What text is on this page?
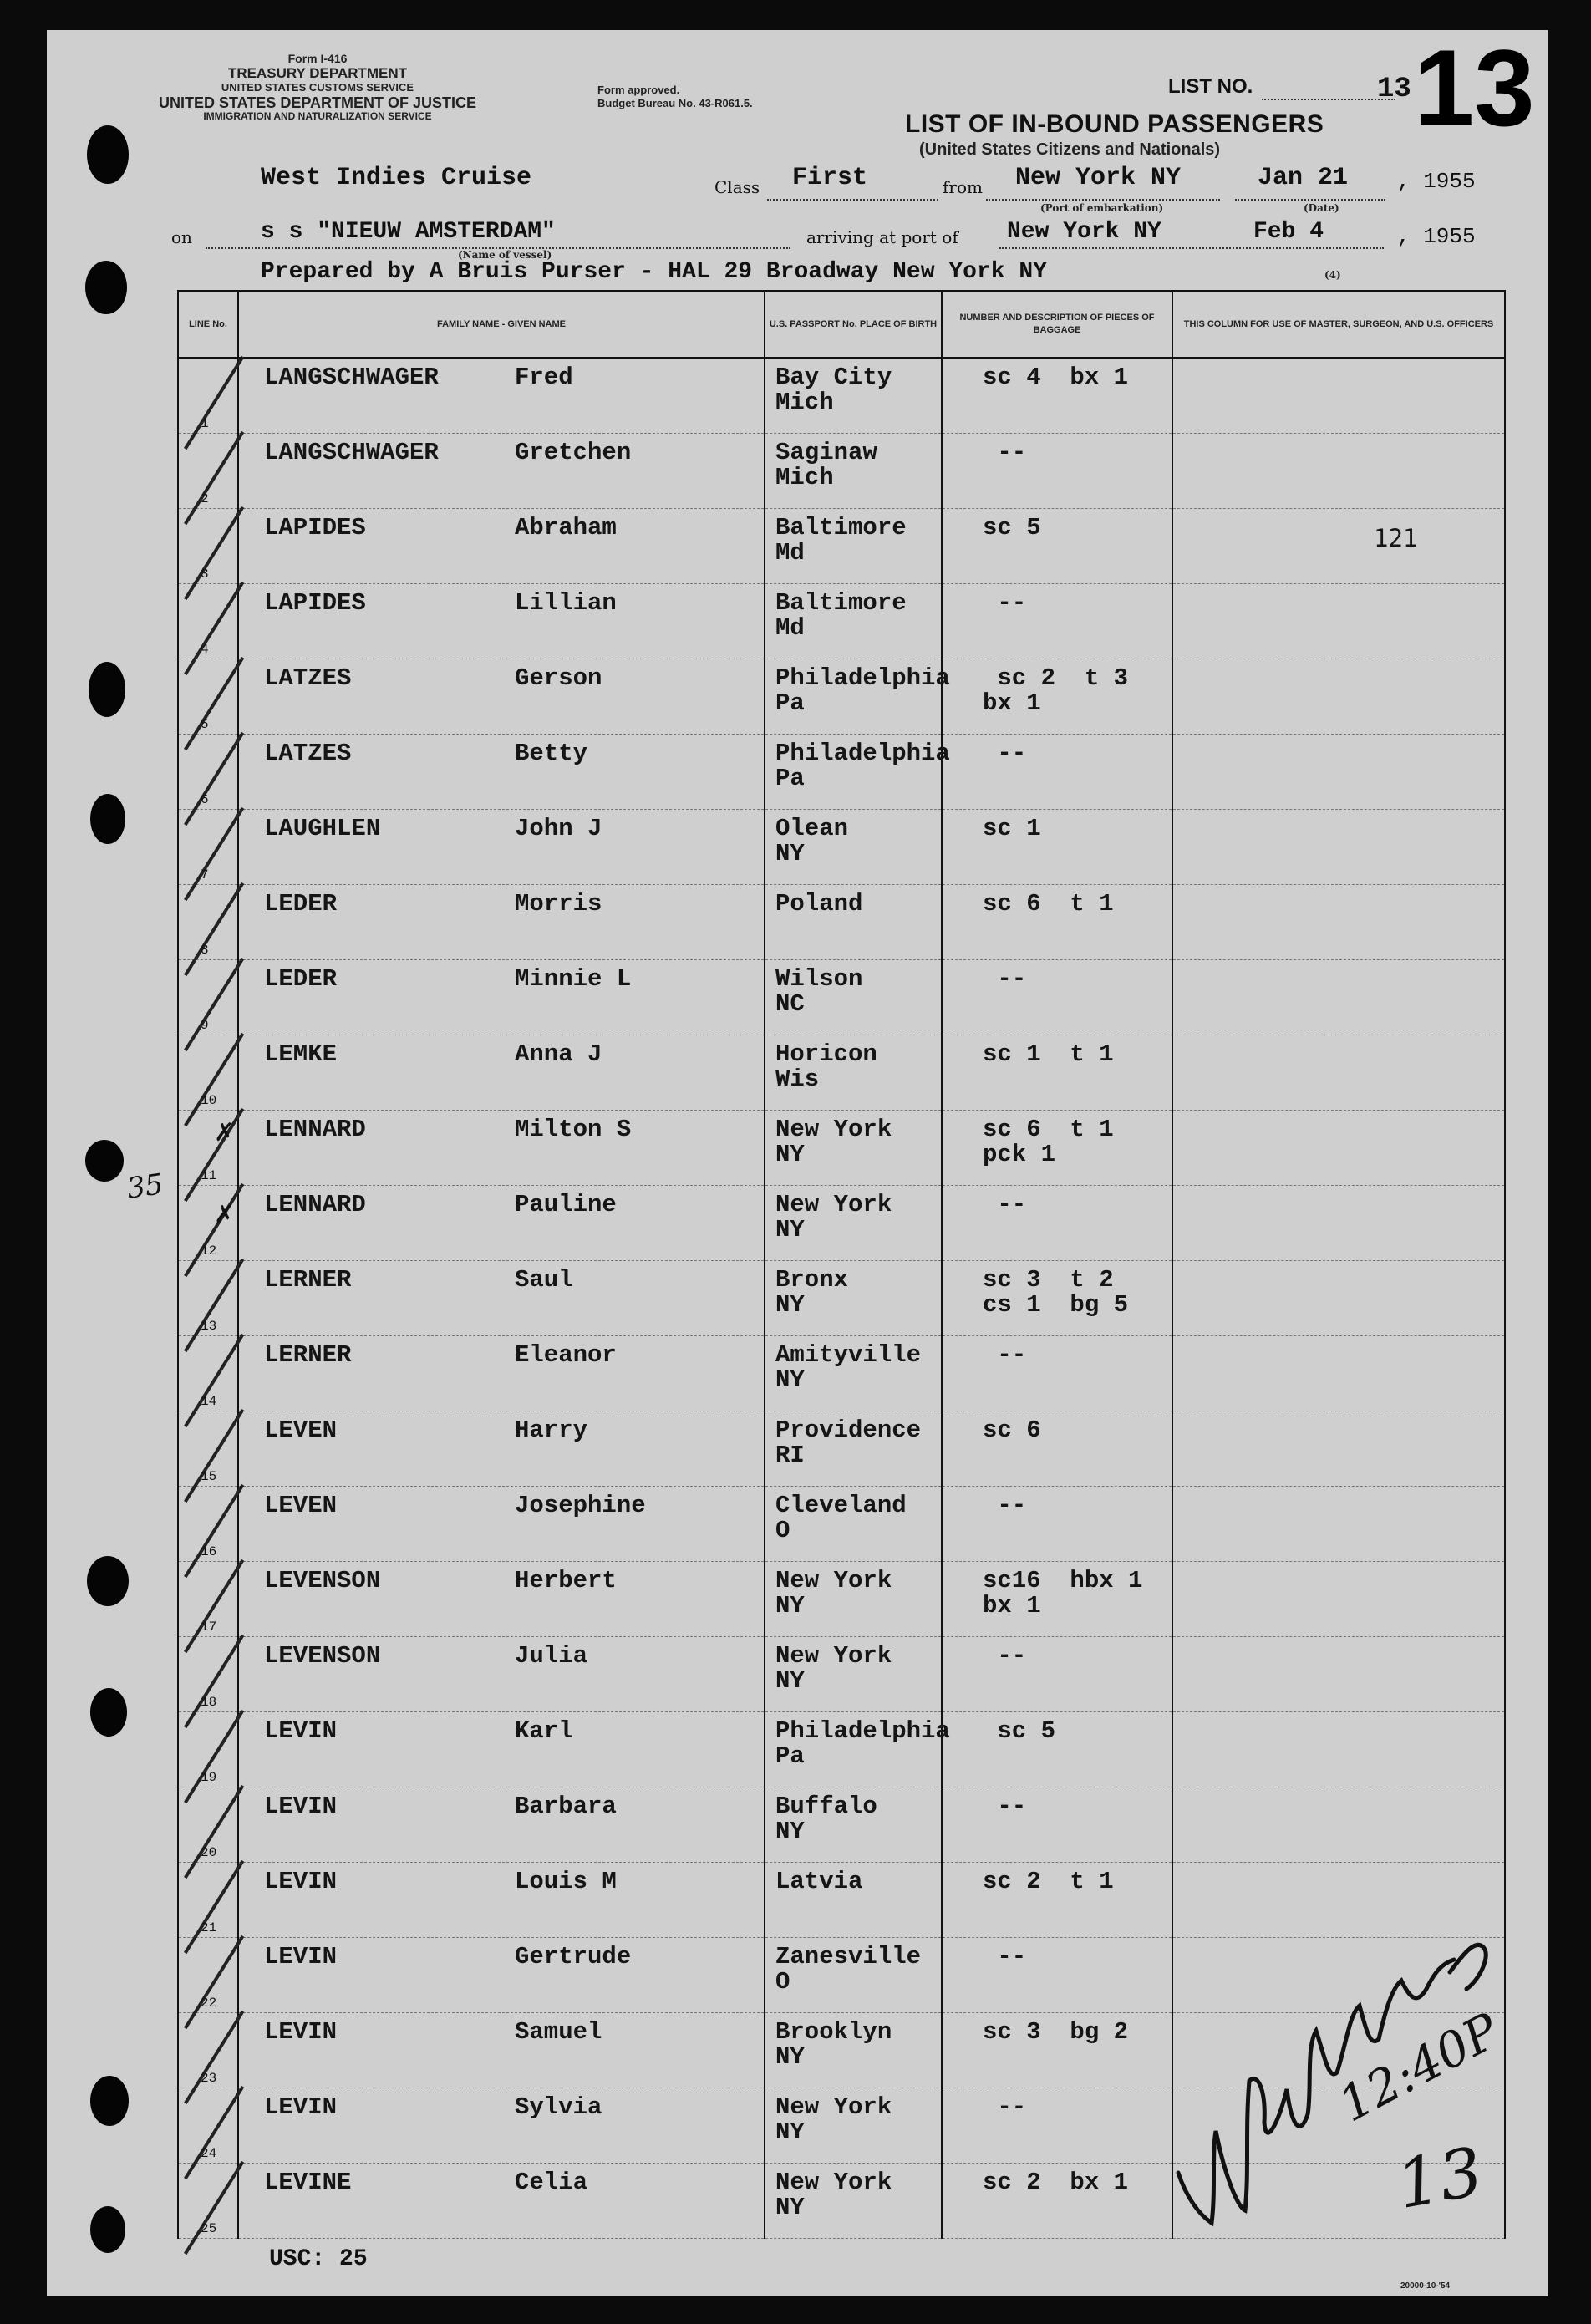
Form I-416
TREASURY DEPARTMENT
UNITED STATES CUSTOMS SERVICE
UNITED STATES DEPARTMENT OF JUSTICE
IMMIGRATION AND NATURALIZATION SERVICE
Form approved.
Budget Bureau No. 43-R061.5.
LIST NO.	13 13
LIST OF IN-BOUND PASSENGERS
(United States Citizens and Nationals)
West Indies Cruise	Class First	from New York NY
(Port of embarkation)
Jan 21 , 1955
(Date)
on	s s "NIEUW AMSTERDAM"
(Name of vessel)
arriving at port of New York NY	Feb 4	, 1955
Prepared by A Bruis Purser - HAL 29 Broadway New York NY	(4)
LINE No.	FAMILY NAME - GIVEN NAME	U.S. PASSPORT No. PLACE OF BIRTH	NUMBER AND DESCRIPTION OF PIECES OF BAGGAGE	THIS COLUMN FOR USE OF MASTER, SURGEON, AND U.S. OFFICERS

1	LANGSCHWAGER Fred	Bay City
Mich	sc 4  bx 1	

2	LANGSCHWAGER Gretchen	Saginaw
Mich	--	

3	LAPIDES Abraham	Baltimore
Md	sc 5	121

4	LAPIDES Lillian	Baltimore
Md	--	

5	LATZES Gerson	Philadelphia
Pa	sc 2  t 3
bx 1	

6	LATZES Betty	Philadelphia
Pa	--	

7	LAUGHLEN John J	Olean
NY	sc 1	

8	LEDER Morris	Poland	sc 6  t 1	

9	LEDER Minnie L	Wilson
NC	--	

10	LEMKE Anna J	Horicon
Wis	sc 1  t 1	

11	LENNARD Milton S	New York
NY	sc 6  t 1
pck 1	

12	LENNARD Pauline	New York
NY	--	

13	LERNER Saul	Bronx
NY	sc 3  t 2
cs 1  bg 5	

14	LERNER Eleanor	Amityville
NY	--	

15	LEVEN Harry	Providence
RI	sc 6	

16	LEVEN Josephine	Cleveland
O	--	

17	LEVENSON Herbert	New York
NY	sc16  hbx 1
bx 1	

18	LEVENSON Julia	New York
NY	--	

19	LEVIN Karl	Philadelphia
Pa	sc 5	

20	LEVIN Barbara	Buffalo
NY	--	

21	LEVIN Louis M	Latvia	sc 2  t 1	

22	LEVIN Gertrude	Zanesville
O	--	

23	LEVIN Samuel	Brooklyn
NY	sc 3  bg 2	

24	LEVIN Sylvia	New York
NY	--	

25	LEVINE Celia	New York
NY	sc 2  bx 1	

USC: 25
20000-10-'54
35
✗
✗
12:40P
13
